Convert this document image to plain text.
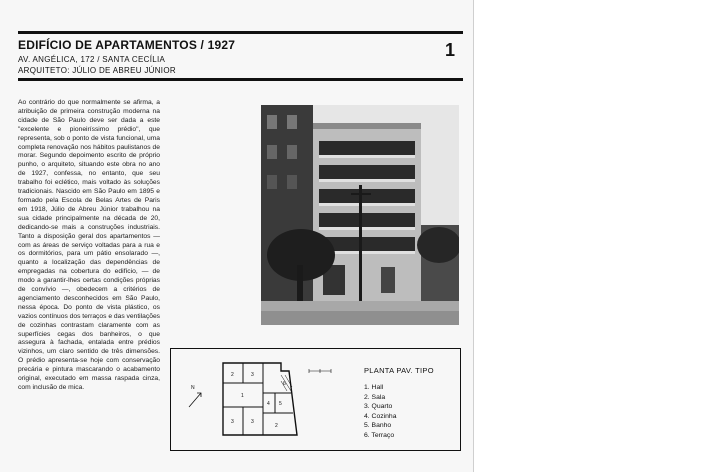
EDIFÍCIO DE APARTAMENTOS / 1927
AV. ANGÉLICA, 172 / SANTA CECÍLIA
ARQUITETO: JÚLIO DE ABREU JÚNIOR
1

Ao contrário do que normalmente se afirma, a atribuição de primeira construção moderna na cidade de São Paulo deve ser dada a este "excelente e pioneiríssimo prédio", que representa, sob o ponto de vista funcional, uma completa renovação nos hábitos paulistanos de morar. Segundo depoimento escrito de próprio punho, o arquiteto, situando este obra no ano de 1927, confessa, no entanto, que seu trabalho foi eclético, mais voltado às soluções tradicionais. Nascido em São Paulo em 1895 e formado pela Escola de Belas Artes de Paris em 1918, Júlio de Abreu Júnior trabalhou na sua cidade principalmente na década de 20, dedicando-se mais a construções industriais. Tanto a disposição geral dos apartamentos — com as áreas de serviço voltadas para a rua e os dormitórios, para um pátio ensolarado —, quanto a localização das dependências de empregadas na cobertura do edifício, — de modo a garantir-lhes certas condições próprias de convívio —, obedecem a critérios de agenciamento desconhecidos em São Paulo, nessa época. Do ponto de vista plástico, os vazios contínuos dos terraços e das ventilações de cozinhas contrastam claramente com as superfícies cegas dos banheiros, o que assegura à fachada, entalada entre prédios vizinhos, um claro sentido de três dimensões. O prédio apresenta-se hoje com conservação precária e pintura mascarando o acabamento original, executado em massa raspada cinza, com inclusão de mica.	N
2	3
1
4 5
6
3	3
2
PLANTA PAV. TIPO
1. Hall
2. Sala
3. Quarto
4. Cozinha
5. Banho
6. Terraço
